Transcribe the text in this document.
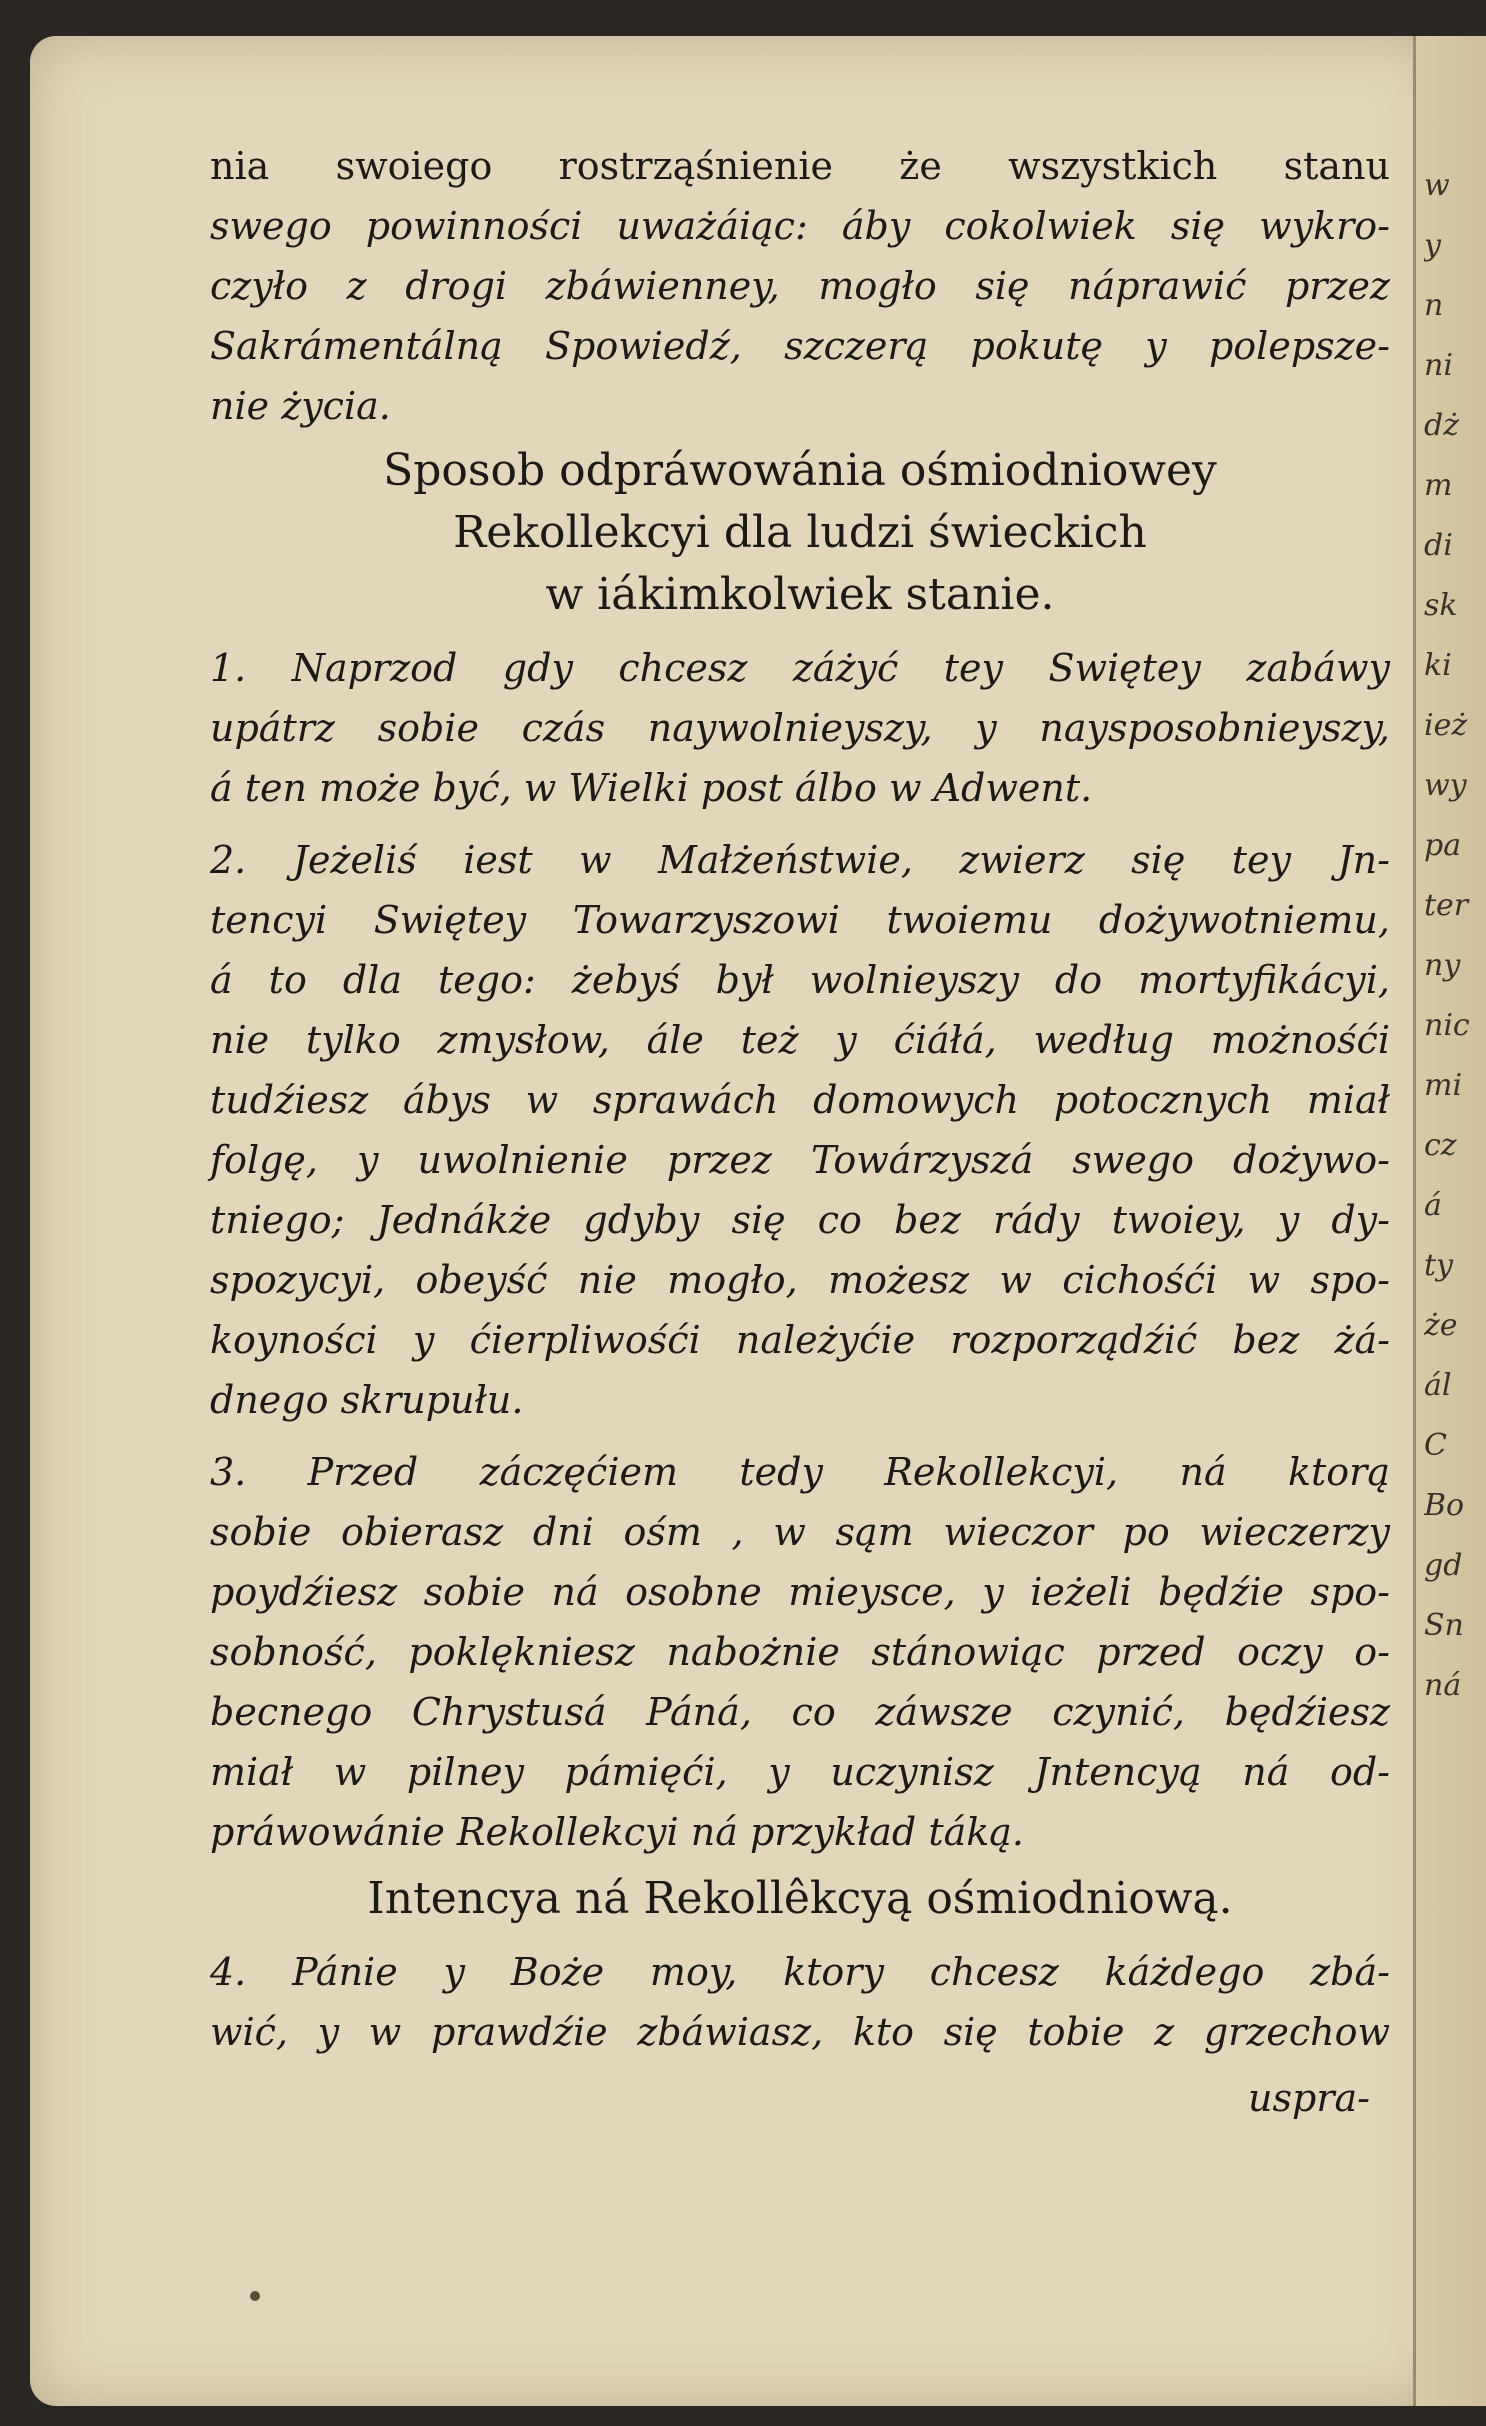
nia swoiego rostrząśnienie że wszystkich stanu
swego powinności uważáiąc: áby cokolwiek się wykro-
czyło z drogi zbáwienney, mogło się náprawić przez
Sakrámentálną Spowiedź, szczerą pokutę y polepsze-
nie życia.
Sposob odpráwowánia ośmiodniowey
Rekollekcyi dla ludzi świeckich
w iákimkolwiek stanie.
1. Naprzod gdy chcesz záżyć tey Swiętey zabáwy
upátrz sobie czás naywolnieyszy, y naysposobnieyszy,
á ten może być, w Wielki post álbo w Adwent.
2. Jeżeliś iest w Małżeństwie, zwierz się tey Jn-
tencyi Swiętey Towarzyszowi twoiemu dożywotniemu,
á to dla tego: żebyś był wolnieyszy do mortyfikácyi,
nie tylko zmysłow, ále też y ćiáłá, według możnośći
tudźiesz ábys w sprawách domowych potocznych miał
folgę, y uwolnienie przez Towárzyszá swego dożywo-
tniego; Jednákże gdyby się co bez rády twoiey, y dy-
spozycyi, obeyść nie mogło, możesz w cichośći w spo-
koyności y ćierpliwośći należyćie rozporządźić bez żá-
dnego skrupułu.
3. Przed záczęćiem tedy Rekollekcyi, ná ktorą
sobie obierasz dni ośm , w sąm wieczor po wieczerzy
poydźiesz sobie ná osobne mieysce, y ieżeli będźie spo-
sobność, poklękniesz nabożnie stánowiąc przed oczy o-
becnego Chrystusá Páná, co záwsze czynić, będźiesz
miał w pilney pámięći, y uczynisz Jntencyą ná od-
práwowánie Rekollekcyi ná przykład táką.
Intencya ná Rekollêkcyą ośmiodniową.
4. Pánie y Boże moy, ktory chcesz káżdego zbá-
wić, y w prawdźie zbáwiasz, kto się tobie z grzechow
uspra-
w
y
n
ni
dż
m
di
sk
ki
ież
wy
pa
ter
ny
nic
mi
cz
á
ty
że
ál
C
Bo
gd
Sn
ná
